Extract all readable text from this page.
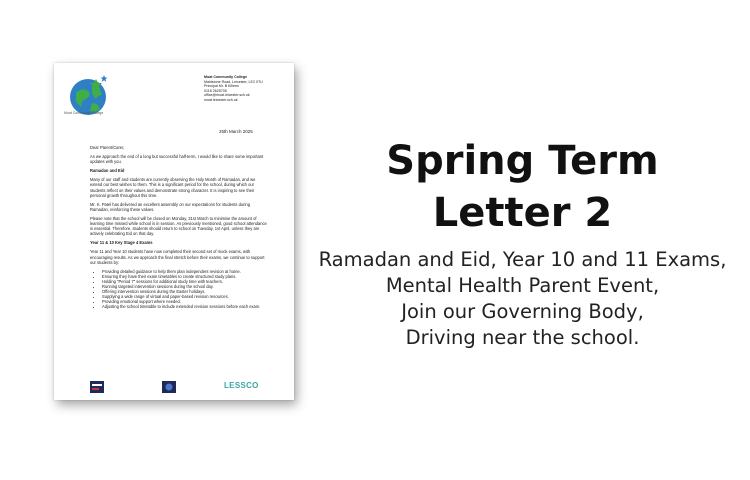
Moat Community College
Moat Community College
Maidstone Road, Leicester, LE2 0TU
Principal Mr. B Killeen
0116 2625705
office@moat.leicester.sch.uk
moat.leicester.sch.uk
25th March 2025

Dear Parent/Carer,

As we approach the end of a long but successful half-term, I would like to share some important updates with you.

Ramadan and Eid

Many of our staff and students are currently observing the Holy Month of Ramadan, and we extend our best wishes to them. This is a significant period for the school, during which our students reflect on their values and demonstrate strong character. It is inspiring to see their personal growth throughout this time.

Mr. K. Patel has delivered an excellent assembly on our expectations for students during Ramadan, reinforcing these values.

Please note that the school will be closed on Monday, 31st March to minimise the amount of learning time missed while school is in session. As previously mentioned, good school attendance is essential. Therefore, students should return to school on Tuesday, 1st April, unless they are actively celebrating Eid on that day.

Year 11 & 10 Key Stage 4 Exams

Year 11 and Year 10 students have now completed their second set of mock exams, with encouraging results. As we approach the final stretch before their exams, we continue to support our students by:

• Providing detailed guidance to help them plan independent revision at home.
• Ensuring they have their exam timetables to create structured study plans.
• Holding "Period 7" sessions for additional study time with teachers.
• Running targeted intervention sessions during the school day.
• Offering intervention sessions during the Easter holidays.
• Supplying a wide range of virtual and paper-based revision resources.
• Providing emotional support where needed.
• Adjusting the school timetable to include extended revision sessions before each exam.
LESSCO
Spring Term
Letter 2
Ramadan and Eid, Year 10 and 11 Exams,
Mental Health Parent Event,
Join our Governing Body,
Driving near the school.
